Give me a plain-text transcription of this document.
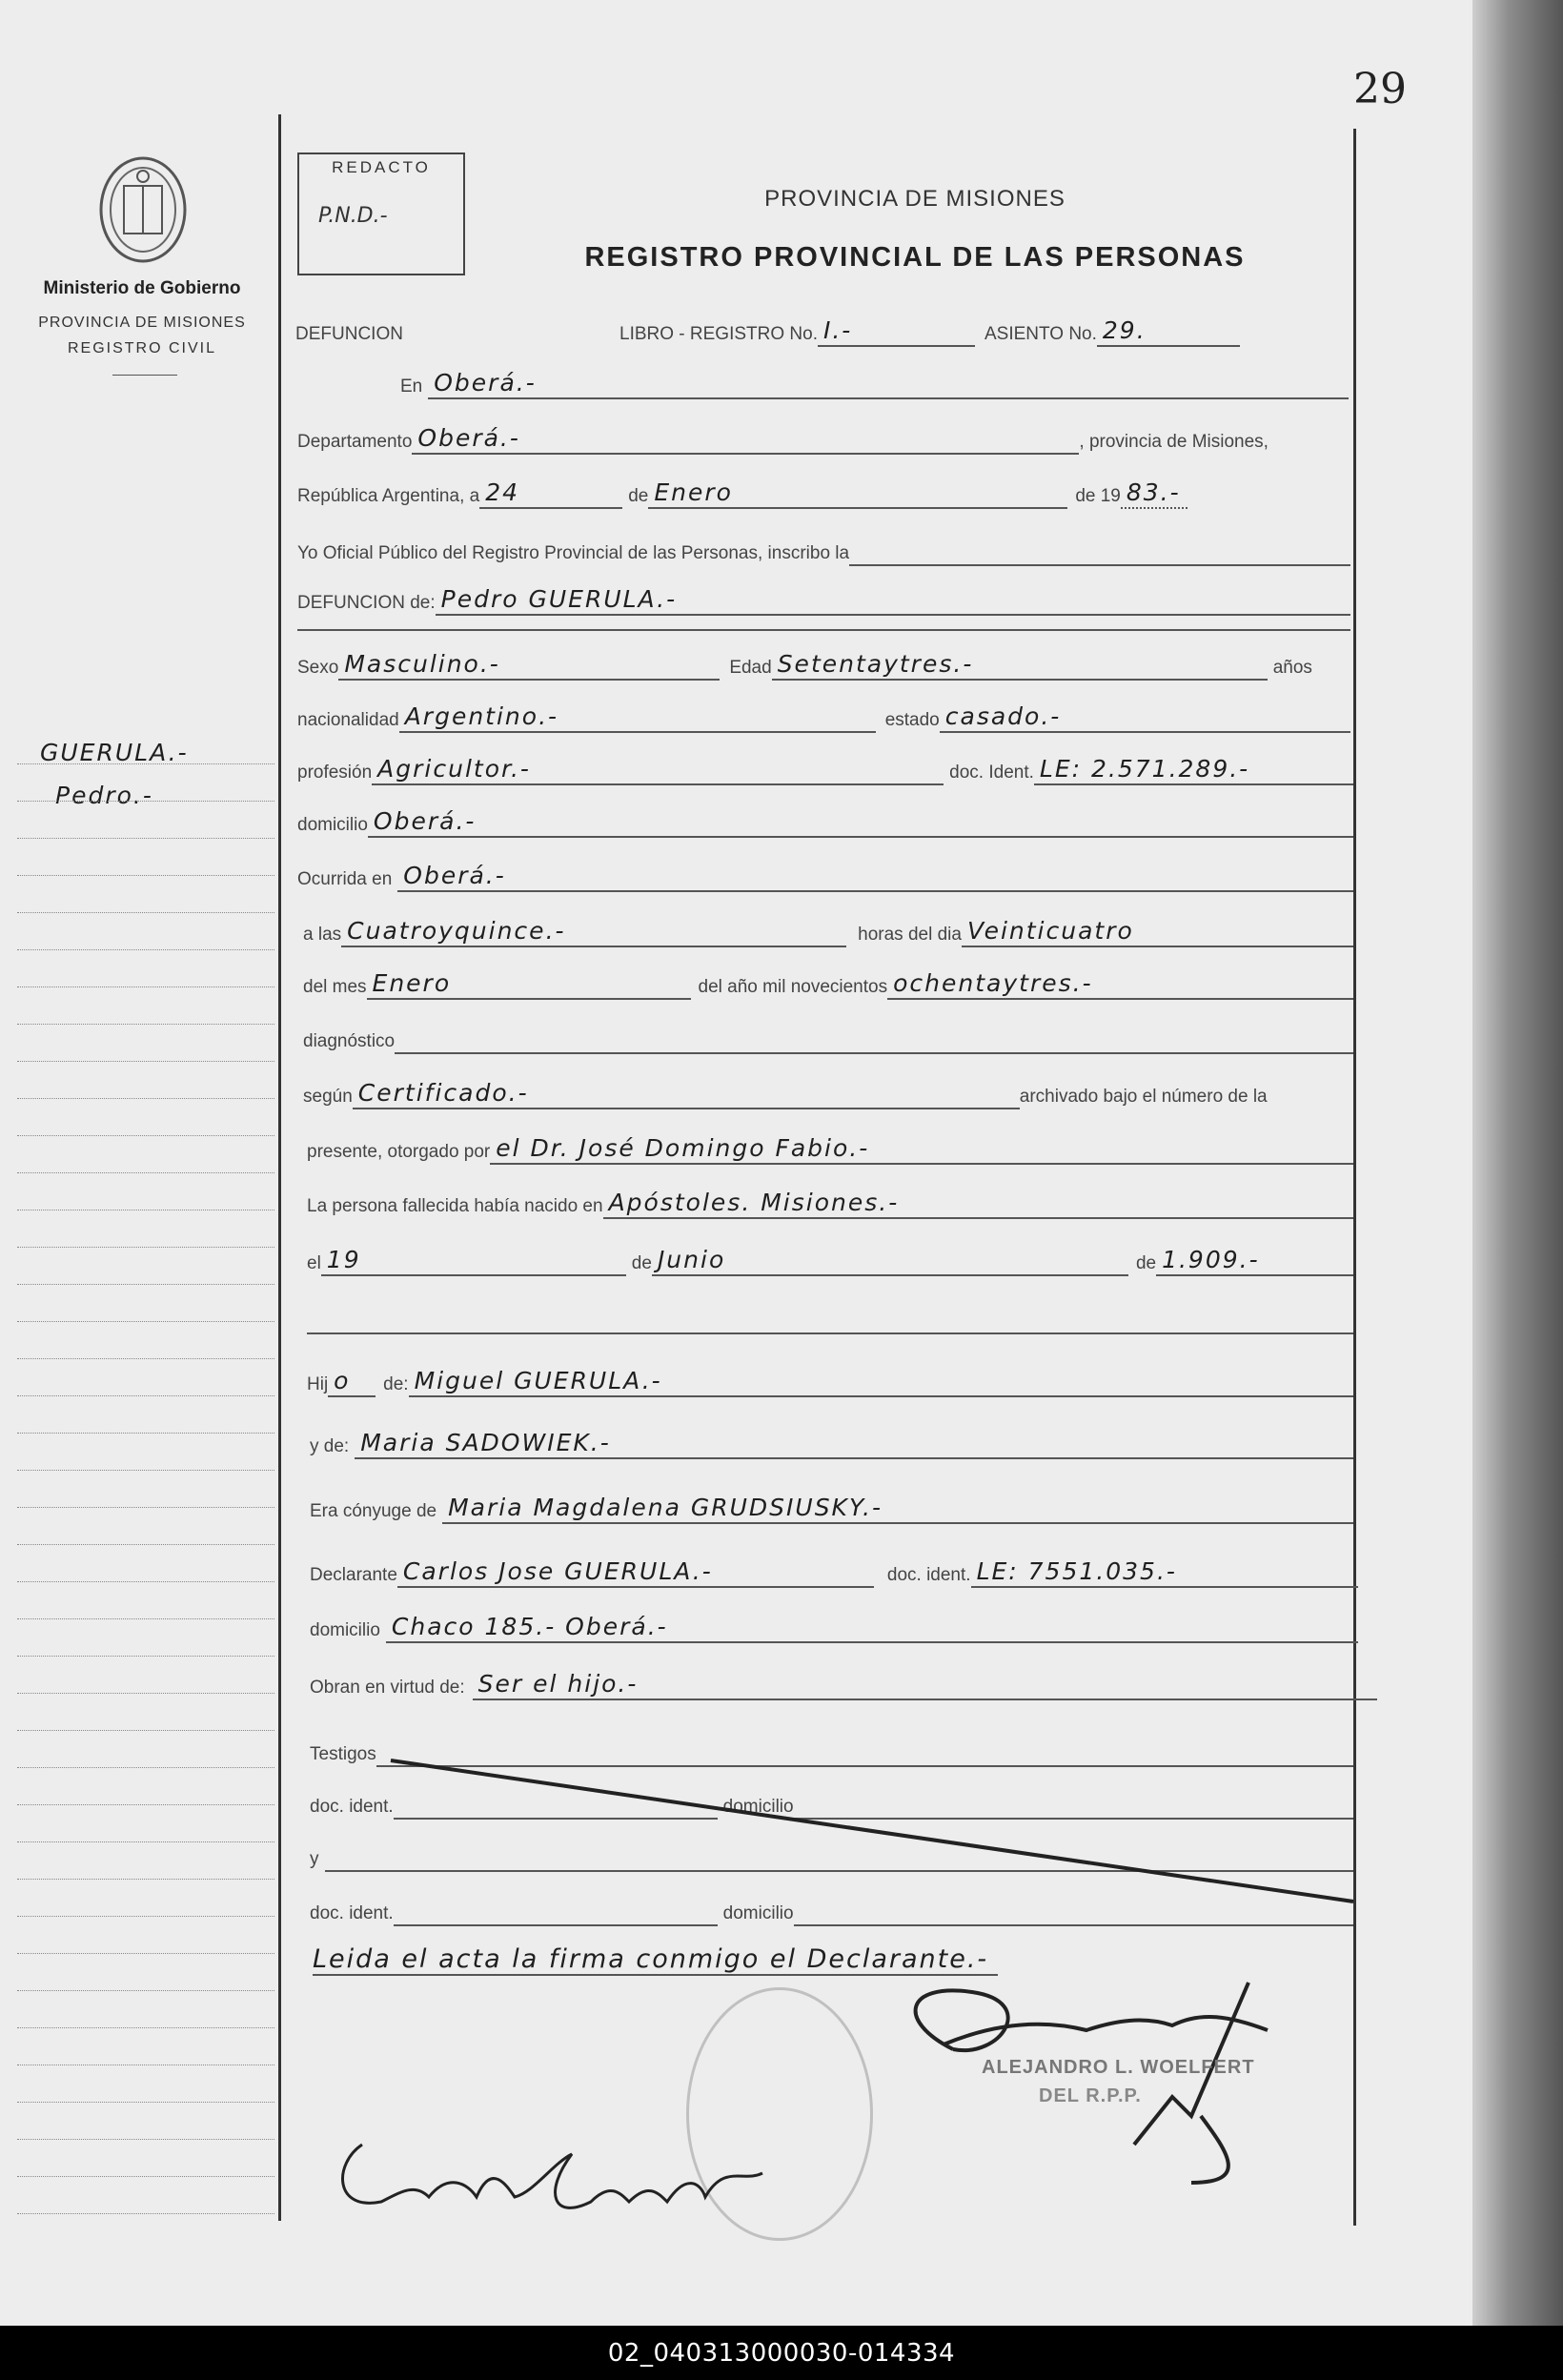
29
Ministerio de Gobierno
PROVINCIA DE MISIONES
REGISTRO CIVIL
GUERULA.-
Pedro.-
REDACTO
P.N.D.-
PROVINCIA DE MISIONES
REGISTRO PROVINCIAL DE LAS PERSONAS
DEFUNCION	LIBRO - REGISTRO No. I.-	ASIENTO No. 29.
En Oberá.-
Departamento Oberá.-	, provincia de Misiones,
República Argentina, a 24	de Enero	de 19 83.-
Yo Oficial Público del Registro Provincial de las Personas, inscribo la
DEFUNCION de: Pedro GUERULA.-
Sexo Masculino.-	Edad Setentaytres.-	años
nacionalidad Argentino.-	estado casado.-
profesión Agricultor.-	doc. Ident. LE: 2.571.289.-
domicilio Oberá.-
Ocurrida en Oberá.-
a las Cuatroyquince.-	horas del dia Veinticuatro
del mes Enero	del año mil novecientos ochentaytres.-
diagnóstico
según Certificado.-	archivado bajo el número de la
presente, otorgado por el Dr. José Domingo Fabio.-
La persona fallecida había nacido en Apóstoles. Misiones.-
el 19	de Junio	de 1.909.-
Hij o de: Miguel GUERULA.-
y de: Maria SADOWIEK.-
Era cónyuge de Maria Magdalena GRUDSIUSKY.-
Declarante Carlos Jose GUERULA.-	doc. ident. LE: 7551.035.-
domicilio Chaco 185.- Oberá.-
Obran en virtud de: Ser el hijo.-
Testigos
doc. ident.	domicilio
y
doc. ident.	domicilio
Leida el acta la firma conmigo el Declarante.-
ALEJANDRO L. WOELFERT
DEL R.P.P.
02_040313000030-014334
